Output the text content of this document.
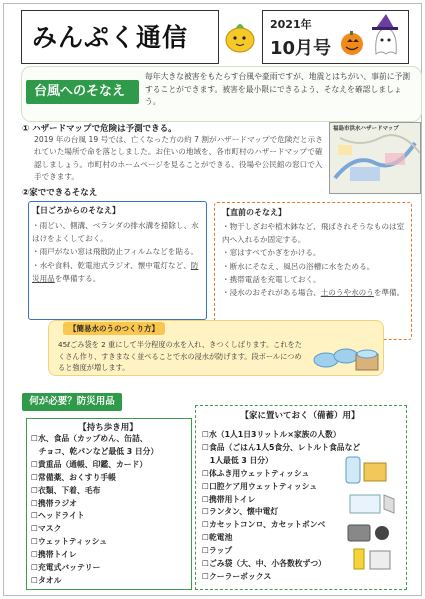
みんぷく通信	2021年
10月号
台風へのそなえ
毎年大きな被害をもたらす台風や豪雨ですが、地震とはちがい、事前に予測することができます。被害を最小限にできるよう、そなえを確認しましょう。
① ハザードマップで危険は予測できる。
2019 年の台風 19 号では、亡くなった方の約 7 割がハザードマップで危険だと示されていた場所で命を落としました。お住いの地域を、各市町村のハザードマップで確認しましょう。市町村のホームページを見ることができる、役場や公民館の窓口で入手できます。
福島市洪水ハザードマップ
②家でできるそなえ
【日ごろからのそなえ】
・雨どい、側溝、ベランダの排水溝を掃除し、水はけをよくしておく。
・雨戸がない窓は飛散防止フィルムなどを貼る。
・水や食料、乾電池式ラジオ、懐中電灯など、防災用品を準備する。
【直前のそなえ】
・物干しざおや植木鉢など、飛ばされそうなものは室内へ入れるか固定する。
・窓はすべてかぎをかける。
・断水にそなえ、風呂の浴槽に水をためる。
・携帯電話を充電しておく。
・浸水のおそれがある場合、土のうや水のうを準備。
【簡易水のうのつくり方】
45ℓごみ袋を 2 重にして半分程度の水を入れ、きつくしばります。これをたくさん作り、すきまなく並べることで水の浸水が防げます。段ボールにつめると強度が増します。
何が必要？防災用品
【持ち歩き用】
☐水、食品（カップめん、缶詰、
　チョコ、乾パンなど最低 3 日分）
☐貴重品（通帳、印鑑、カード）
☐常備薬、おくすり手帳
☐衣類、下着、毛布
☐携帯ラジオ
☐ヘッドライト
☐マスク
☐ウェットティッシュ
☐携帯トイレ
☐充電式バッテリー
☐タオル
【家に置いておく（備蓄）用】
☐水（1人1日3リットル×家族の人数）
☐食品（ごはん1人5食分、レトルト食品など
　1人最低 3 日分）
☐体ふき用ウェットティッシュ
☐口腔ケア用ウェットティッシュ
☐携帯用トイレ
☐ランタン、懐中電灯
☐カセットコンロ、カセットボンベ
☐乾電池
☐ラップ
☐ごみ袋（大、中、小各数枚ずつ）
☐クーラーボックス
